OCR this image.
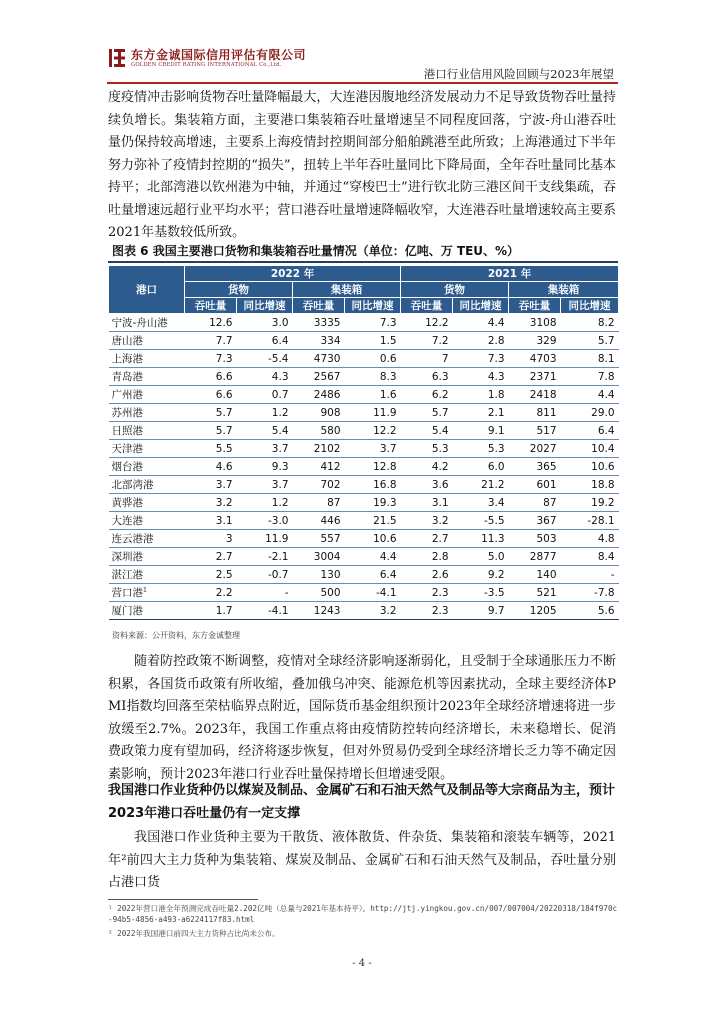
东方金诚国际信用评估有限公司
GOLDEN CREDIT RATING INTERNATIONAL Co.,Ltd.
港口行业信用风险回顾与2023年展望
度疫情冲击影响货物吞吐量降幅最大，大连港因腹地经济发展动力不足导致货物吞吐量持续负增长。集装箱方面，主要港口集装箱吞吐量增速呈不同程度回落，宁波-舟山港吞吐量仍保持较高增速，主要系上海疫情封控期间部分船舶跳港至此所致；上海港通过下半年努力弥补了疫情封控期的“损失”，扭转上半年吞吐量同比下降局面，全年吞吐量同比基本持平；北部湾港以钦州港为中轴，并通过“穿梭巴士”进行钦北防三港区间干支线集疏，吞吐量增速远超行业平均水平；营口港吞吐量增速降幅收窄，大连港吞吐量增速较高主要系2021年基数较低所致。
图表 6 我国主要港口货物和集装箱吞吐量情况（单位：亿吨、万 TEU、%）
港口	2022 年				2021 年			
	货物		集装箱		货物		集装箱	
	吞吐量	同比增速	吞吐量	同比增速	吞吐量	同比增速	吞吐量	同比增速
宁波-舟山港	12.6	3.0	3335	7.3	12.2	4.4	3108	8.2
唐山港	7.7	6.4	334	1.5	7.2	2.8	329	5.7
上海港	7.3	-5.4	4730	0.6	7	7.3	4703	8.1
青岛港	6.6	4.3	2567	8.3	6.3	4.3	2371	7.8
广州港	6.6	0.7	2486	1.6	6.2	1.8	2418	4.4
苏州港	5.7	1.2	908	11.9	5.7	2.1	811	29.0
日照港	5.7	5.4	580	12.2	5.4	9.1	517	6.4
天津港	5.5	3.7	2102	3.7	5.3	5.3	2027	10.4
烟台港	4.6	9.3	412	12.8	4.2	6.0	365	10.6
北部湾港	3.7	3.7	702	16.8	3.6	21.2	601	18.8
黄骅港	3.2	1.2	87	19.3	3.1	3.4	87	19.2
大连港	3.1	-3.0	446	21.5	3.2	-5.5	367	-28.1
连云港港	3	11.9	557	10.6	2.7	11.3	503	4.8
深圳港	2.7	-2.1	3004	4.4	2.8	5.0	2877	8.4
湛江港	2.5	-0.7	130	6.4	2.6	9.2	140	-
营口港$^1$	2.2	-	500	-4.1	2.3	-3.5	521	-7.8
厦门港	1.7	-4.1	1243	3.2	2.3	9.7	1205	5.6
资料来源：公开资料，东方金诚整理
随着防控政策不断调整，疫情对全球经济影响逐渐弱化，且受制于全球通胀压力不断积累，各国货币政策有所收缩，叠加俄乌冲突、能源危机等因素扰动，全球主要经济体PMI指数均回落至荣枯临界点附近，国际货币基金组织预计2023年全球经济增速将进一步放缓至2.7%。2023年，我国工作重点将由疫情防控转向经济增长，未来稳增长、促消费政策力度有望加码，经济将逐步恢复，但对外贸易仍受到全球经济增长乏力等不确定因素影响，预计2023年港口行业吞吐量保持增长但增速受限。
我国港口作业货种仍以煤炭及制品、金属矿石和石油天然气及制品等大宗商品为主，预计2023年港口吞吐量仍有一定支撑
我国港口作业货种主要为干散货、液体散货、件杂货、集装箱和滚装车辆等，2021年²前四大主力货种为集装箱、煤炭及制品、金属矿石和石油天然气及制品，吞吐量分别占港口货
¹ 2022年营口港全年预测完成吞吐量2.202亿吨（总量与2021年基本持平）。http://jtj.yingkou.gov.cn/007/007004/20220318/184f970c-94b5-4856-a493-a6224117f83.html
² 2022年我国港口前四大主力货种占比尚未公布。
- 4 -
